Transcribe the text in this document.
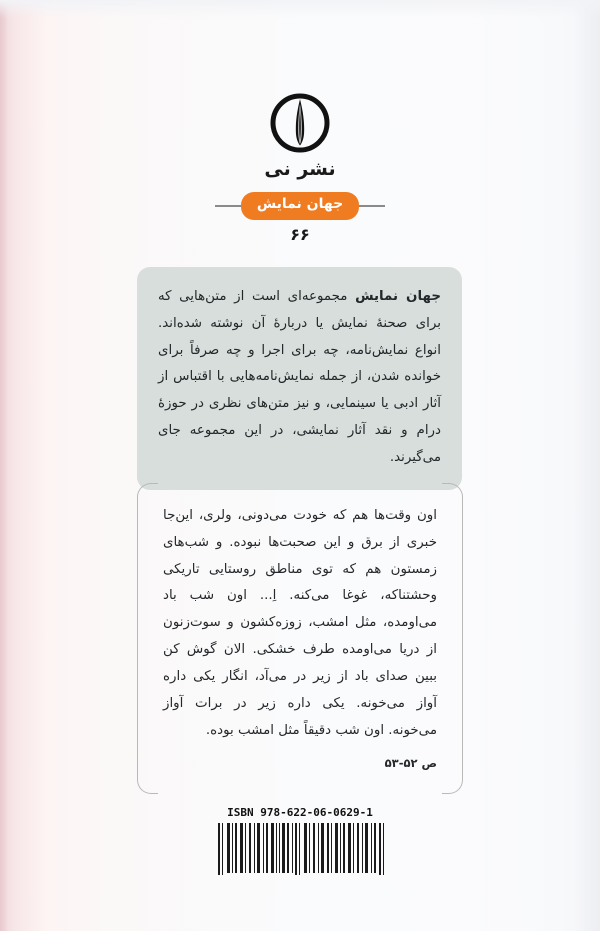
نشر نی
جهان نمایش
۶۶

جهان نمایش مجموعه‌ای است از متن‌هایی که برای صحنهٔ نمایش یا دربارهٔ آن نوشته شده‌اند. انواع نمایش‌نامه، چه برای اجرا و چه صرفاً برای خوانده شدن، از جمله نمایش‌نامه‌هایی با اقتباس از آثار ادبی یا سینمایی، و نیز متن‌های نظری در حوزهٔ درام و نقد آثار نمایشی، در این مجموعه جای می‌گیرند.

اون وقت‌ها هم که خودت می‌دونی، ولری، این‌جا خبری از برق و این صحبت‌ها نبوده. و شب‌های زمستون هم که توی مناطق روستایی تاریکی وحشتناکه، غوغا می‌کنه. اِ... اون شب باد می‌اومده، مثل امشب، زوزه‌کشون و سوت‌زنون از دریا می‌اومده طرف خشکی. الان گوش کن ببین صدای باد از زیر در می‌آد، انگار یکی داره آواز می‌خونه. یکی داره زیر در برات آواز می‌خونه. اون شب دقیقاً مثل امشب بوده.

ص ۵۲-۵۳

ISBN 978-622-06-0629-1
